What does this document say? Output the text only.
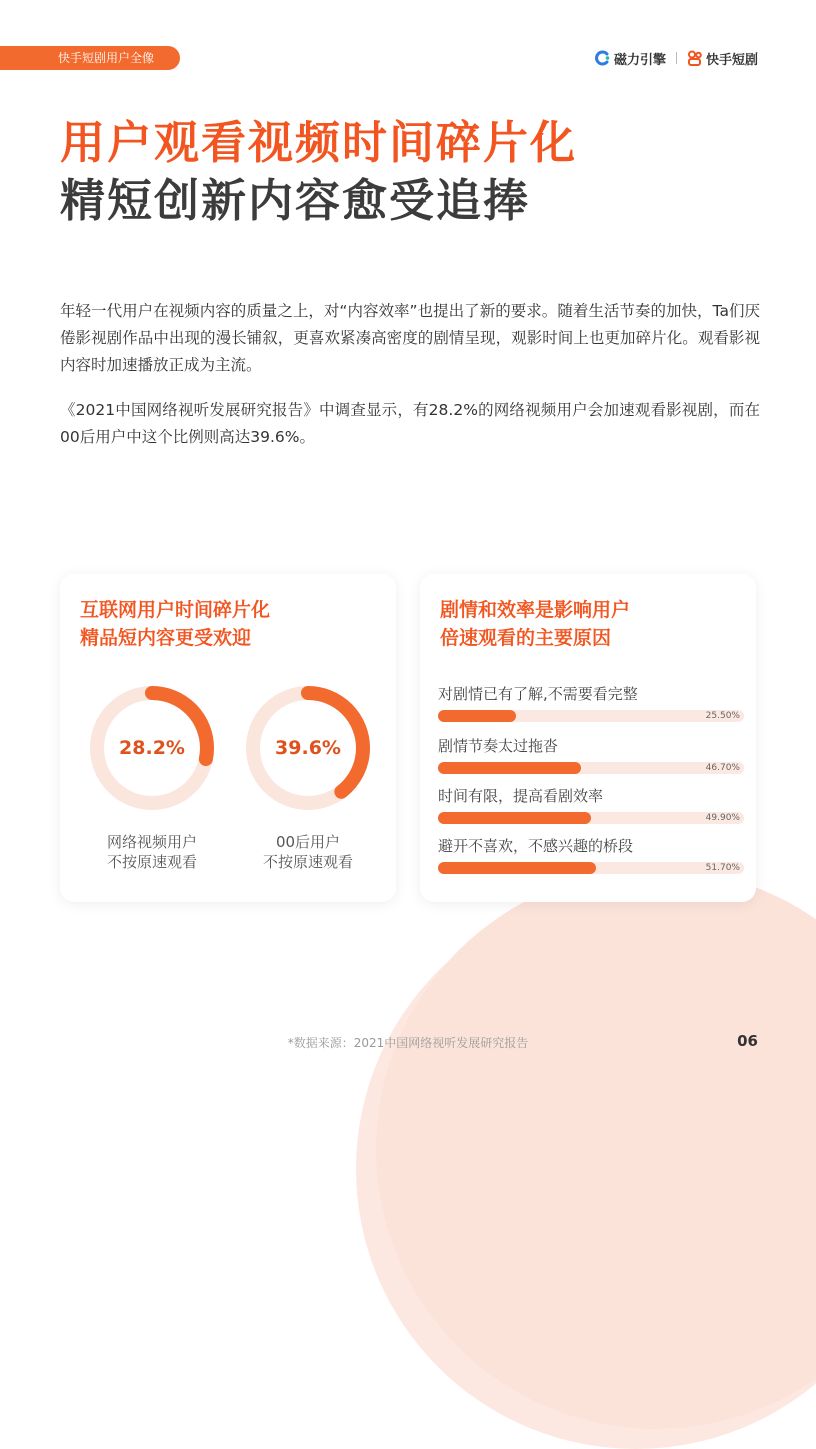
快手短剧用户全像	磁力引擎	快手短剧
用户观看视频时间碎片化
精短创新内容愈受追捧

年轻一代用户在视频内容的质量之上，对“内容效率”也提出了新的要求。随着生活节奏的加快，Ta们厌倦影视剧作品中出现的漫长铺叙，更喜欢紧凑高密度的剧情呈现，观影时间上也更加碎片化。观看影视内容时加速播放正成为主流。

《2021中国网络视听发展研究报告》中调查显示，有28.2%的网络视频用户会加速观看影视剧，而在00后用户中这个比例则高达39.6%。

互联网用户时间碎片化
精品短内容更受欢迎
28.2%
网络视频用户
不按原速观看
39.6%
00后用户
不按原速观看
剧情和效率是影响用户
倍速观看的主要原因
对剧情已有了解,不需要看完整
25.50%
剧情节奏太过拖沓
46.70%
时间有限，提高看剧效率
49.90%
避开不喜欢，不感兴趣的桥段
51.70%
*数据来源：2021中国网络视听发展研究报告	06
